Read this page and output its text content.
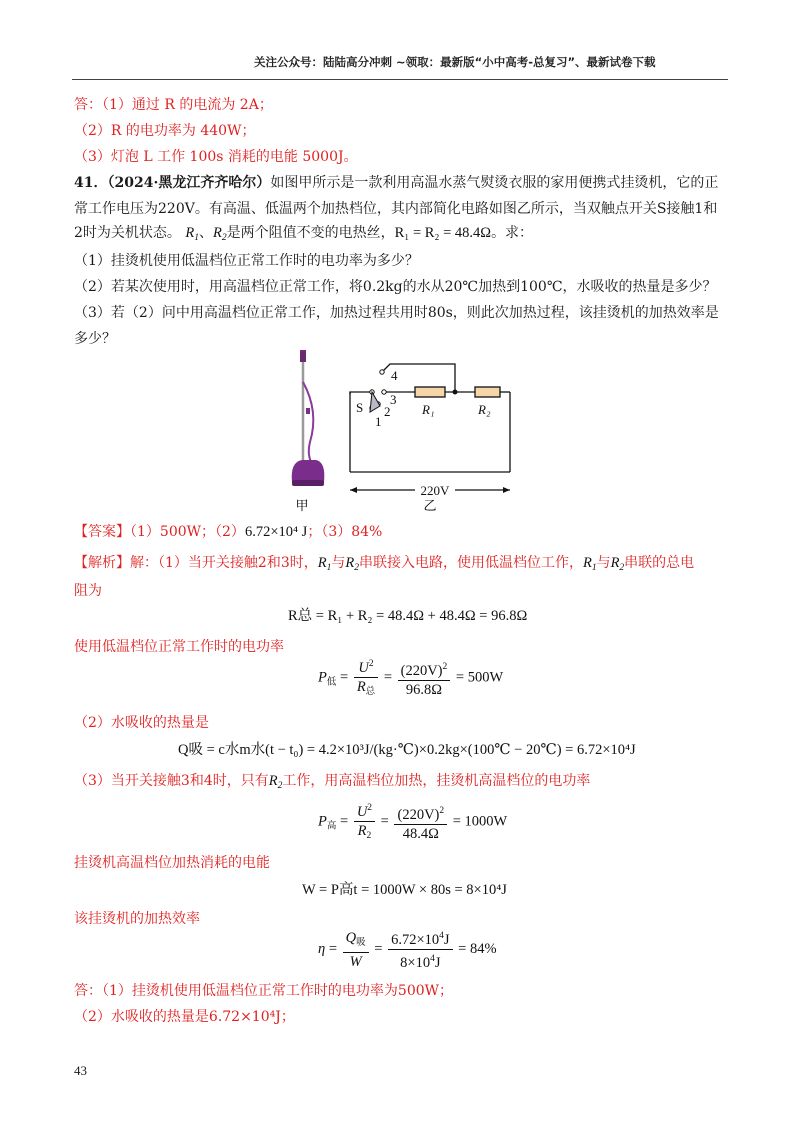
关注公众号：陆陆高分冲刺 ~领取：最新版“小中高考-总复习”、最新试卷下载
答：（1）通过 R 的电流为 2A；
（2）R 的电功率为 440W；
（3）灯泡 L 工作 100s 消耗的电能 5000J。
41．（2024·黑龙江齐齐哈尔）如图甲所示是一款利用高温水蒸气熨烫衣服的家用便携式挂烫机，它的正
常工作电压为220V。有高温、低温两个加热档位，其内部简化电路如图乙所示，当双触点开关S接触1和
2时为关机状态。 $R_1$、$R_2$是两个阻值不变的电热丝，R₁ = R₂ = 48.4Ω。求：
（1）挂烫机使用低温档位正常工作时的电功率为多少？
（2）若某次使用时，用高温档位正常工作，将0.2kg的水从20℃加热到100℃，水吸收的热量是多少？
（3）若（2）问中用高温档位正常工作，加热过程共用时80s，则此次加热过程，该挂烫机的加热效率是
多少？
甲
4
3
2
1
S	R₁	R₂
220V
乙
【答案】（1）500W；（2）6.72×10⁴ J；（3）84%
【解析】解：（1）当开关接触2和3时，$R_1$与$R_2$串联接入电路，使用低温档位工作，$R_1$与$R_2$串联的总电
阻为
R总 = R₁ + R₂ = 48.4Ω + 48.4Ω = 96.8Ω
使用低温档位正常工作时的电功率
$P_低 = \frac{U^2}{R_总} = \frac{(220V)^2}{96.8\Omega} = 500W$
（2）水吸收的热量是
Q吸 = c水m水(t − t₀) = 4.2×10³J/(kg·℃)×0.2kg×(100℃ − 20℃) = 6.72×10⁴J
（3）当开关接触3和4时，只有$R_2$工作，用高温档位加热，挂烫机高温档位的电功率
$P_高 = \frac{U^2}{R_2} = \frac{(220V)^2}{48.4\Omega} = 1000W$
挂烫机高温档位加热消耗的电能
W = P高t = 1000W × 80s = 8×10⁴J
该挂烫机的加热效率
$\eta = \frac{Q_吸}{W} = \frac{6.72\times 10^4J}{8\times 10^4J} = 84\%$
答：（1）挂烫机使用低温档位正常工作时的电功率为500W；
（2）水吸收的热量是6.72×10⁴J；
43
